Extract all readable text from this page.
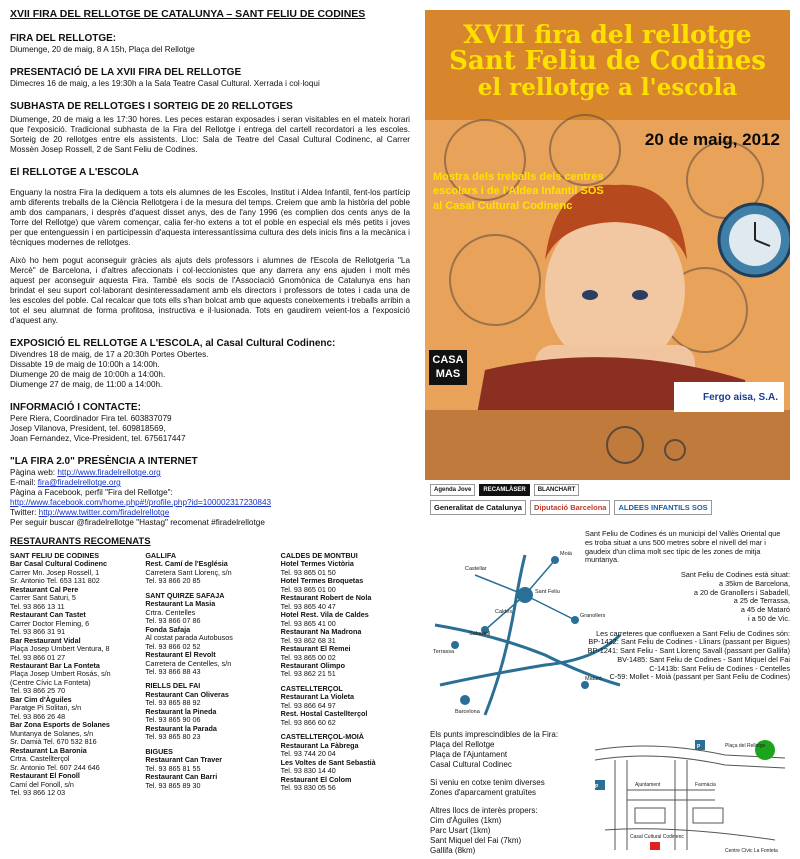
XVII FIRA DEL RELLOTGE DE CATALUNYA – SANT FELIU DE CODINES
FIRA DEL RELLOTGE:
Diumenge, 20 de maig, 8 A 15h, Plaça del Rellotge
PRESENTACIÓ DE LA XVII FIRA DEL RELLOTGE
Dimecres 16 de maig, a les 19:30h a la Sala Teatre Casal Cultural. Xerrada i col·loqui
SUBHASTA DE RELLOTGES I SORTEIG DE 20 RELLOTGES
Diumenge, 20 de maig a les 17:30 hores. Les peces estaran exposades i seran visitables en el mateix horari que l'exposició. Tradicional subhasta de la Fira del Rellotge i entrega del cartell recordatori a les escoles. Sorteig de 20 rellotges entre els assistents. Lloc: Sala de Teatre del Casal Cultural Codinenc, al Carrer Mossèn Josep Rossell, 2 de Sant Feliu de Codines.
El RELLOTGE A L'ESCOLA
Enguany la nostra Fira la dediquem a tots els alumnes de les Escoles, Institut i Aldea Infantil, fent-los partícip amb diferents treballs de la Ciència Rellotgera i de la mesura del temps. Creiem que amb la història del poble amb dos campanars, i desprès d'aquest disset anys, des de l'any 1996 (es complien dos cents anys de la Torre del Rellotge) que vàrem començar, calia fer-ho extens a tot el poble en especial els més petits i joves per que entenguessin i en participessin d'aquesta interessantíssima cultura des dels inicis fins a la mecànica i tècniques modernes de rellotges.
Això ho hem pogut aconseguir gràcies als ajuts dels professors i alumnes de l'Escola de Rellotgeria "La Mercè" de Barcelona, i d'altres afeccionats i col·leccionistes que any darrera any ens ajuden i molt més aquest per aconseguir aquesta Fira. També els socis de l'Associació Gnomònica de Catalunya ens han brindat el seu suport col·laborant desinteressadament amb els directors i professors de totes i cada una de les escoles del poble. Cal recalcar que tots ells s'han bolcat amb que aquests coneixements i treballs arribin a tot el seu alumnat de forma profitosa, instructiva e il·lusionada. Tots en gaudirem veient-los a l'exposició d'aquest any.
EXPOSICIÓ EL RELLOTGE A L'ESCOLA, al Casal Cultural Codinenc:
Divendres 18 de maig, de 17 a 20:30h Portes Obertes.
Dissabte 19 de maig de 10:00h a 14:00h.
Diumenge 20 de maig de 10:00h a 14:00h.
Diumenge 27 de maig, de 11:00 a 14:00h.
INFORMACIÓ I CONTACTE:
Pere Riera, Coordinador Fira tel. 603837079
Josep Vilanova, President, tel. 609818569,
Joan Fernandez, Vice-President, tel. 675617447
"LA FIRA 2.0" PRESÈNCIA A INTERNET
Pàgina web: http://www.firadelrellotge.org
E-mail: fira@firadelrellotge.org
Pàgina a Facebook, perfil "Fira del Rellotge":
http://www.facebook.com/home.php#!/profile.php?id=100002317230843
Twitter: http://www.twitter.com/firadelrellotge
Per seguir buscar @firadelrellotge "Hastag" recomenat #firadelrellotge
RESTAURANTS RECOMENATS
SANT FELIU DE CODINES
Bar Casal Cultural Codinenc
Carrer Mn. Josep Rossell, 1
Sr. Antonio Tel. 653 131 802
Restaurant Cal Pere
Carrer Sant Saturi, 5
Tel. 93 866 13 11
Restaurant Can Tastet
Carrer Doctor Fleming, 6
Tel. 93 866 31 91
Bar Restaurant Vidal
Plaça Josep Umbert Ventura, 8
Tel. 93 866 01 27
Restaurant Bar La Fonteta
Plaça Josep Umbert Rosás, s/n
(Centre Cívic La Fonteta)
Tel. 93 866 25 70
Bar Cim d'Àguiles
Paratge Pi Solitari, s/n
Tel. 93 866 26 48
Bar Zona Esports de Solanes
Muntanya de Solanes, s/n
Sr. Damià Tel. 670 532 816
Restaurant La Baronia
Crtra. Castellterçol
Sr. Antonio Tel. 607 244 646
Restaurant El Fonoll
Camí del Fonoll, s/n
Tel. 93 866 12 03
GALLIFA
Rest. Camí de l'Església
Carretera Sant Llorenç, s/n
Tel. 93 866 20 85
SANT QUIRZE SAFAJA
Restaurant La Masia
Crtra. Centelles
Tel. 93 866 07 86
Fonda Safaja
Al costat parada Autobusos
Tel. 93 866 02 52
Restaurant El Revolt
Carretera de Centelles, s/n
Tel. 93 866 88 43
RIELLS DEL FAI
Restaurant Can Oliveras
Tel. 93 865 88 92
Restaurant la Pineda
Tel. 93 865 90 06
Restaurant la Parada
Tel. 93 865 80 23
BIGUES
Restaurant Can Traver
Tel. 93 865 81 55
Restaurant Can Barri
Tel. 93 865 89 30
CALDES DE MONTBUI
Hotel Termes Victòria
Tel. 93 865 01 50
Hotel Termes Broquetas
Tel. 93 865 01 00
Restaurant Robert de Nola
Tel. 93 865 40 47
Hotel Rest. Vila de Caldes
Tel. 93 865 41 00
Restaurant Na Madrona
Tel. 93 862 68 31
Restaurant El Remei
Tel. 93 865 00 02
Restaurant Olimpo
Tel. 93 862 21 51
CASTELLTERÇOL
Restaurant La Violeta
Tel. 93 866 64 97
Rest. Hostal Castellterçol
Tel. 93 866 60 62
CASTELLTERÇOL-MOIÀ
Restaurant La Fàbrega
Tel. 93 744 20 04
Les Voltes de Sant Sebastià
Tel. 93 830 14 40
Restaurant El Colom
Tel. 93 830 05 56
XVII fira del rellotge
Sant Feliu de Codines
el rellotge a l'escola
20 de maig, 2012
Mostra dels treballs dels centres
escolars i de l'Aldea Infantil SOS
al Casal Cultural Codinenc
CASA
MAS
Fergo aisa, S.A.
Agenda Jove	RECAMLÀSER	BLANCHART
Generalitat de Catalunya	Diputació Barcelona	ALDEES INFANTILS SOS
Sant Feliu
Barcelona
Granollers
Sabadell
Terrassa
Castellar
Caldes
Moià
Mataró
Sant Feliu de Codines és un municipi del Vallès Oriental que es troba situat a uns 500 metres sobre el nivell del mar i gaudeix d'un clima molt sec típic de les zones de mitja muntanya.
Sant Feliu de Codines està situat:
a 35km de Barcelona,
a 20 de Granollers i Sabadell,
a 25 de Terrassa,
a 45 de Mataró
i a 50 de Vic.
Les carreteres que confluexen a Sant Feliu de Codines són:
BP-1432: Sant Feliu de Codines - Llinars (passant per Bigues)
BP-1241: Sant Feliu - Sant Llorenç Savall (passant per Gallifa)
BV-1485: Sant Feliu de Codines - Sant Miquel del Fai
C-1413b: Sant Feliu de Codines - Centelles
C-59: Mollet - Moià (passant per Sant Feliu de Codines)
Els punts imprescindibles de la Fira:
Plaça del Rellotge
Plaça de l'Ajuntament
Casal Cultural Codinec
Si veniu en cotxe tenim diverses
Zones d'aparcament gratuïtes
Altres llocs de interès propers:
Cim d'Àguiles (1km)
Parc Usart (1km)
Sant Miquel del Fai (7km)
Gallifa (8km)
P
P	Plaça del Rellotge
Ajuntament	Farmàcia
Casal Cultural Codinenc
Centre Cívic La Fonteta
